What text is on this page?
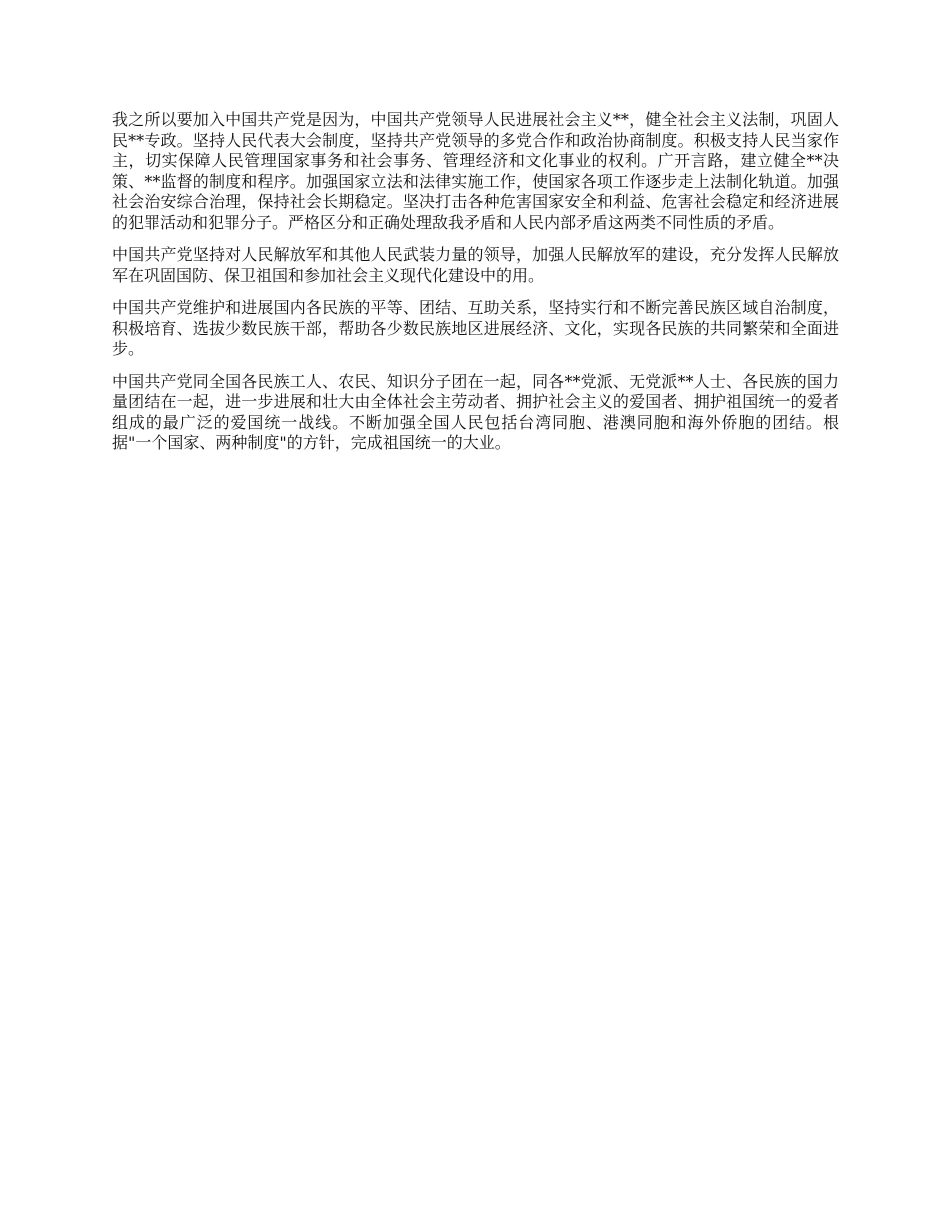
我之所以要加入中国共产党是因为，中国共产党领导人民进展社会主义**，健全社会主义法制，巩固人民**专政。坚持人民代表大会制度，坚持共产党领导的多党合作和政治协商制度。积极支持人民当家作主，切实保障人民管理国家事务和社会事务、管理经济和文化事业的权利。广开言路，建立健全**决策、**监督的制度和程序。加强国家立法和法律实施工作，使国家各项工作逐步走上法制化轨道。加强社会治安综合治理，保持社会长期稳定。坚决打击各种危害国家安全和利益、危害社会稳定和经济进展的犯罪活动和犯罪分子。严格区分和正确处理敌我矛盾和人民内部矛盾这两类不同性质的矛盾。

中国共产党坚持对人民解放军和其他人民武装力量的领导，加强人民解放军的建设，充分发挥人民解放军在巩固国防、保卫祖国和参加社会主义现代化建设中的用。

中国共产党维护和进展国内各民族的平等、团结、互助关系，坚持实行和不断完善民族区域自治制度，积极培育、选拔少数民族干部，帮助各少数民族地区进展经济、文化，实现各民族的共同繁荣和全面进步。

中国共产党同全国各民族工人、农民、知识分子团在一起，同各**党派、无党派**人士、各民族的国力量团结在一起，进一步进展和壮大由全体社会主劳动者、拥护社会主义的爱国者、拥护祖国统一的爱者组成的最广泛的爱国统一战线。不断加强全国人民包括台湾同胞、港澳同胞和海外侨胞的团结。根据"一个国家、两种制度"的方针，完成祖国统一的大业。
